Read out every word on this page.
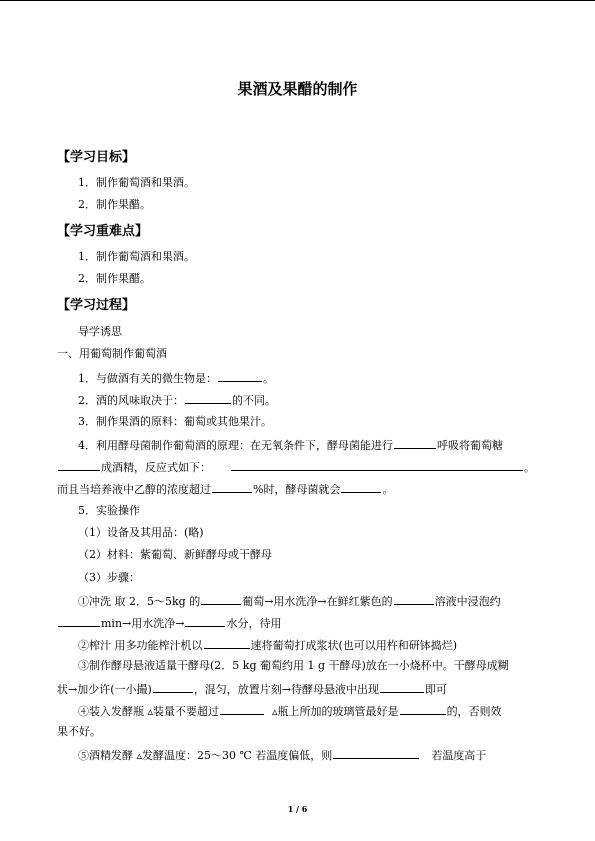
果酒及果醋的制作
【学习目标】
1．制作葡萄酒和果酒。
2．制作果醋。
【学习重难点】
1．制作葡萄酒和果酒。
2．制作果醋。
【学习过程】
导学诱思
一、用葡萄制作葡萄酒
1．与做酒有关的微生物是：	。
2．酒的风味取决于：	的不同。
3．制作果酒的原料：葡萄或其他果汁。
4．利用酵母菌制作葡萄酒的原理：在无氧条件下，酵母菌能进行	呼吸将葡萄糖
成酒精，反应式如下：	。
而且当培养液中乙醇的浓度超过	%时，酵母菌就会	。
5．实验操作
（1）设备及其用品：(略)
（2）材料：紫葡萄、新鲜酵母或干酵母
（3）步骤：
①冲洗 取 2．5～5kg 的	葡萄→用水洗净→在鲜红紫色的	溶液中浸泡约
min→用水洗净→	水分，待用
②榨汁 用多功能榨汁机以	速将葡萄打成浆状(也可以用杵和研钵捣烂)
③制作酵母悬液适量干酵母(2．5 kg 葡萄约用 1 g 干酵母)放在一小烧杯中。干酵母成糊
状→加少许(一小撮)	，混匀，放置片刻→待酵母悬液中出现	即可
④装入发酵瓶 ▵装量不要超过	▵瓶上所加的玻璃管最好是	的，否则效
果不好。
⑤酒精发酵 ▵发酵温度：25～30 ℃ 若温度偏低，则	若温度高于
1 / 6
